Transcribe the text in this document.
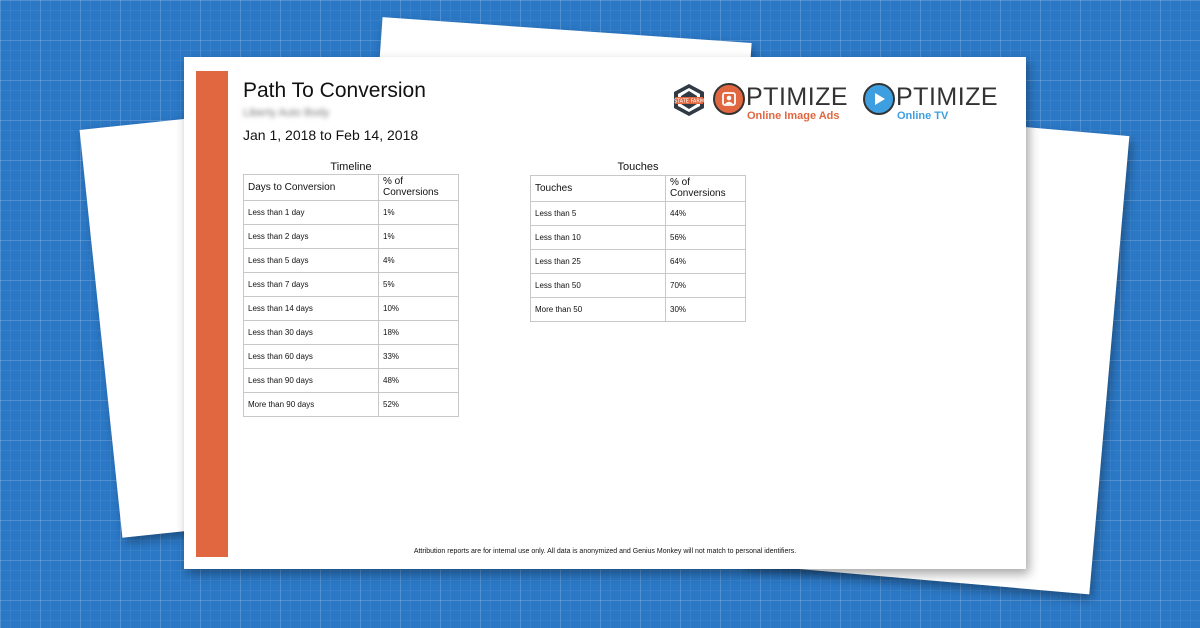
Path To Conversion
Liberty Auto Body
Jan 1, 2018 to Feb 14, 2018
STATE FARM PTIMIZE
Online Image Ads
PTIMIZE
Online TV
Timeline
Days to Conversion	% of Conversions
Less than 1 day	1%
Less than 2 days	1%
Less than 5 days	4%
Less than 7 days	5%
Less than 14 days	10%
Less than 30 days	18%
Less than 60 days	33%
Less than 90 days	48%
More than 90 days	52%
Touches
Touches	% of Conversions
Less than 5	44%
Less than 10	56%
Less than 25	64%
Less than 50	70%
More than 50	30%
Attribution reports are for internal use only. All data is anonymized and Genius Monkey will not match to personal identifiers.
